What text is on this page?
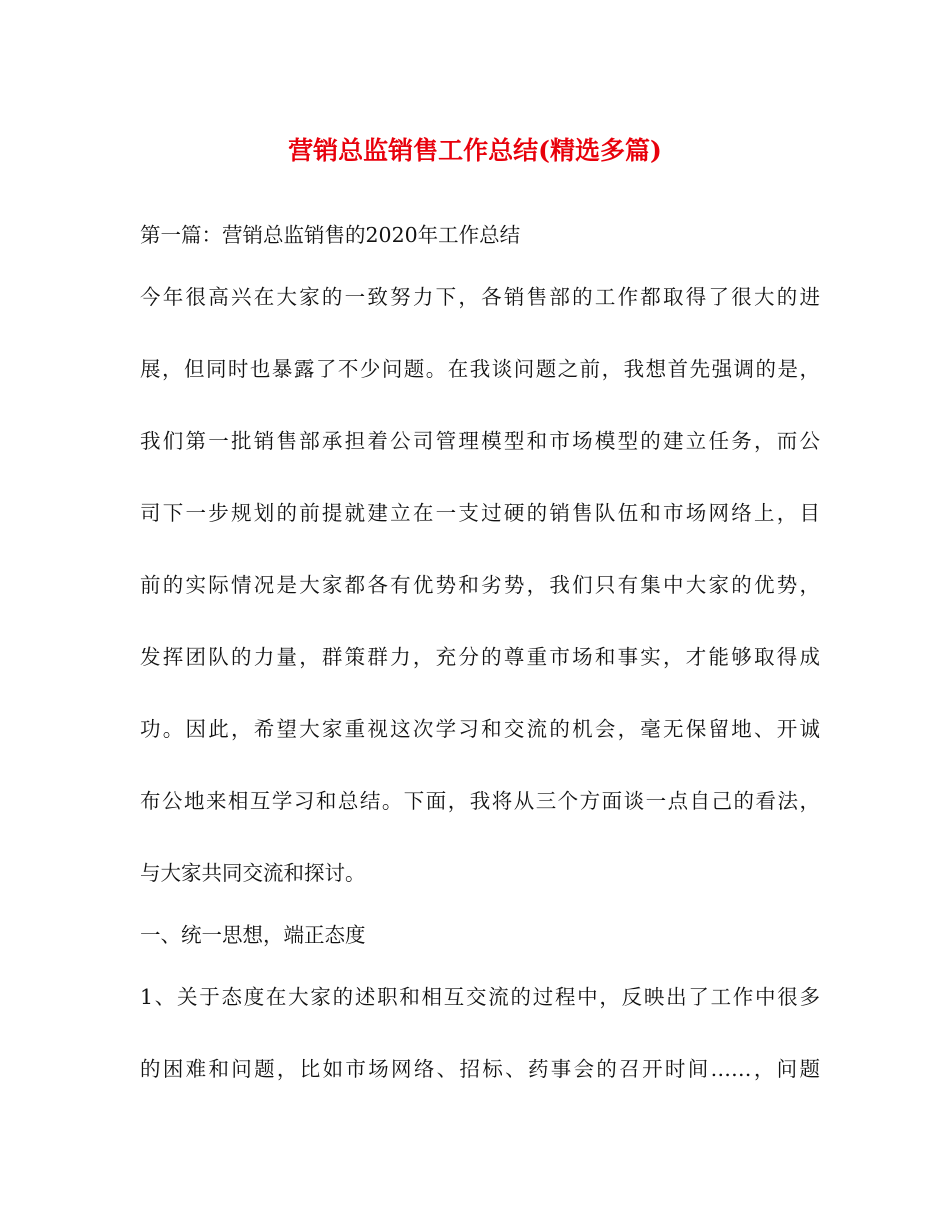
营销总监销售工作总结(精选多篇)
第一篇：营销总监销售的2020年工作总结
今年很高兴在大家的一致努力下，各销售部的工作都取得了很大的进
展，但同时也暴露了不少问题。在我谈问题之前，我想首先强调的是，
我们第一批销售部承担着公司管理模型和市场模型的建立任务，而公
司下一步规划的前提就建立在一支过硬的销售队伍和市场网络上，目
前的实际情况是大家都各有优势和劣势，我们只有集中大家的优势，
发挥团队的力量，群策群力，充分的尊重市场和事实，才能够取得成
功。因此，希望大家重视这次学习和交流的机会，毫无保留地、开诚
布公地来相互学习和总结。下面，我将从三个方面谈一点自己的看法，
与大家共同交流和探讨。
一、统一思想，端正态度
1、关于态度在大家的述职和相互交流的过程中，反映出了工作中很多
的困难和问题，比如市场网络、招标、药事会的召开时间……，问题
